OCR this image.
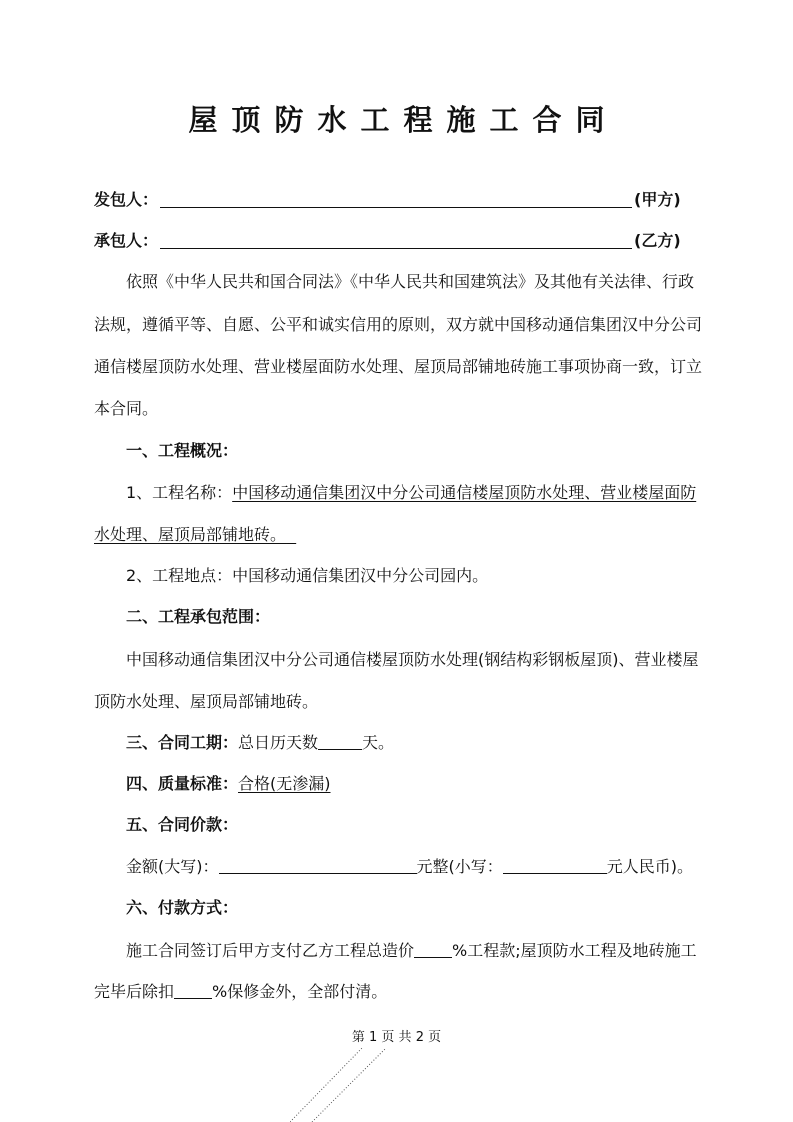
屋顶防水工程施工合同
发包人：	(甲方)
承包人：	(乙方)
依照《中华人民共和国合同法》《中华人民共和国建筑法》及其他有关法律、行政
法规，遵循平等、自愿、公平和诚实信用的原则，双方就中国移动通信集团汉中分公司
通信楼屋顶防水处理、营业楼屋面防水处理、屋顶局部铺地砖施工事项协商一致，订立
本合同。
一、工程概况：
1、工程名称：中国移动通信集团汉中分公司通信楼屋顶防水处理、营业楼屋面防
水处理、屋顶局部铺地砖。
2、工程地点：中国移动通信集团汉中分公司园内。
二、工程承包范围：
中国移动通信集团汉中分公司通信楼屋顶防水处理(钢结构彩钢板屋顶)、营业楼屋
顶防水处理、屋顶局部铺地砖。
三、合同工期：总日历天数	天。
四、质量标准：合格(无渗漏)
五、合同价款：
金额(大写)：	元整(小写：	元人民币)。
六、付款方式：
施工合同签订后甲方支付乙方工程总造价 %工程款;屋顶防水工程及地砖施工
完毕后除扣 %保修金外，全部付清。
第 1 页 共 2 页
